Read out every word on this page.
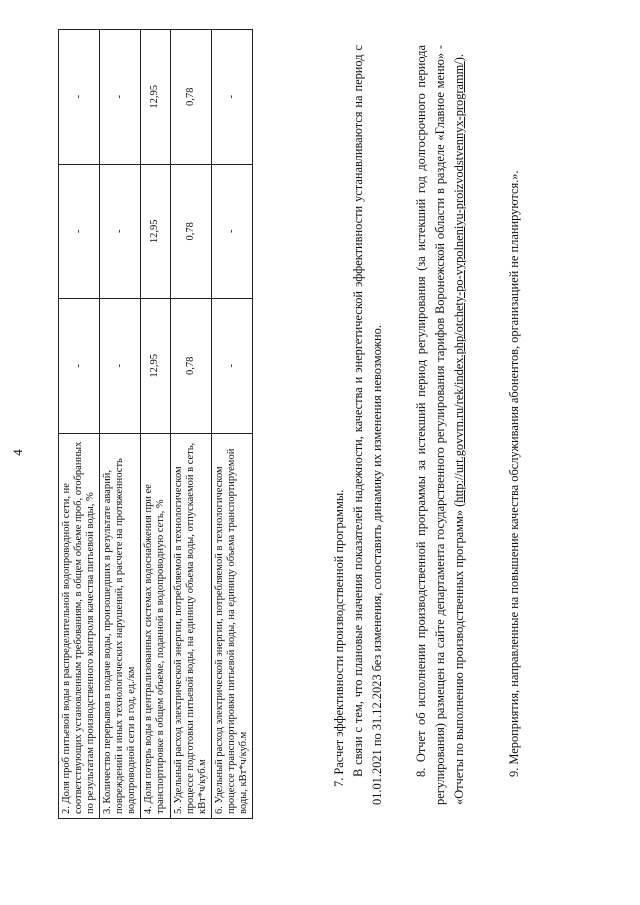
4
2. Доля проб питьевой воды в распределительной водопроводной сети, не соответствующих установленным требованиям, в общем объеме проб, отобранных по результатам производственного контроля качества питьевой воды, %	-	-	-
3. Количество перерывов в подаче воды, произошедших в результате аварий, повреждений и иных технологических нарушений, в расчете на протяженность водопроводной сети в год, ед./км	-	-	-
4. Доля потерь воды в централизованных системах водоснабжения при ее транспортировке в общем объеме, поданной в водопроводную сеть, %	12,95	12,95	12,95
5. Удельный расход электрической энергии, потребляемой в технологическом процессе подготовки питьевой воды, на единицу объема воды, отпускаемой в сеть, кВт*ч/куб.м	0,78	0,78	0,78
6. Удельный расход электрической энергии, потребляемой в технологическом процессе транспортировки питьевой воды, на единицу объема транспортируемой воды, кВт*ч/куб.м	-	-	-

7. Расчет эффективности производственной программы. В связи с тем, что плановые значения показателей надежности, качества и энергетической эффективности устанавливаются на период с 01.01.2021 по 31.12.2023 без изменения, сопоставить динамику их изменения невозможно. 8. Отчет об исполнении производственной программы за истекший период регулирования (за истекший год долгосрочного периода регулирования) размещен на сайте департамента государственного регулирования тарифов Воронежской области в разделе «Главное меню» - «Отчеты по выполнению производственных программ» (http://urt.govvrn.ru/rek/index.php/otchety-po-vypolneniyu-proizvodstvennyx-programm/).

9. Мероприятия, направленные на повышение качества обслуживания абонентов, организацией не планируются.».
